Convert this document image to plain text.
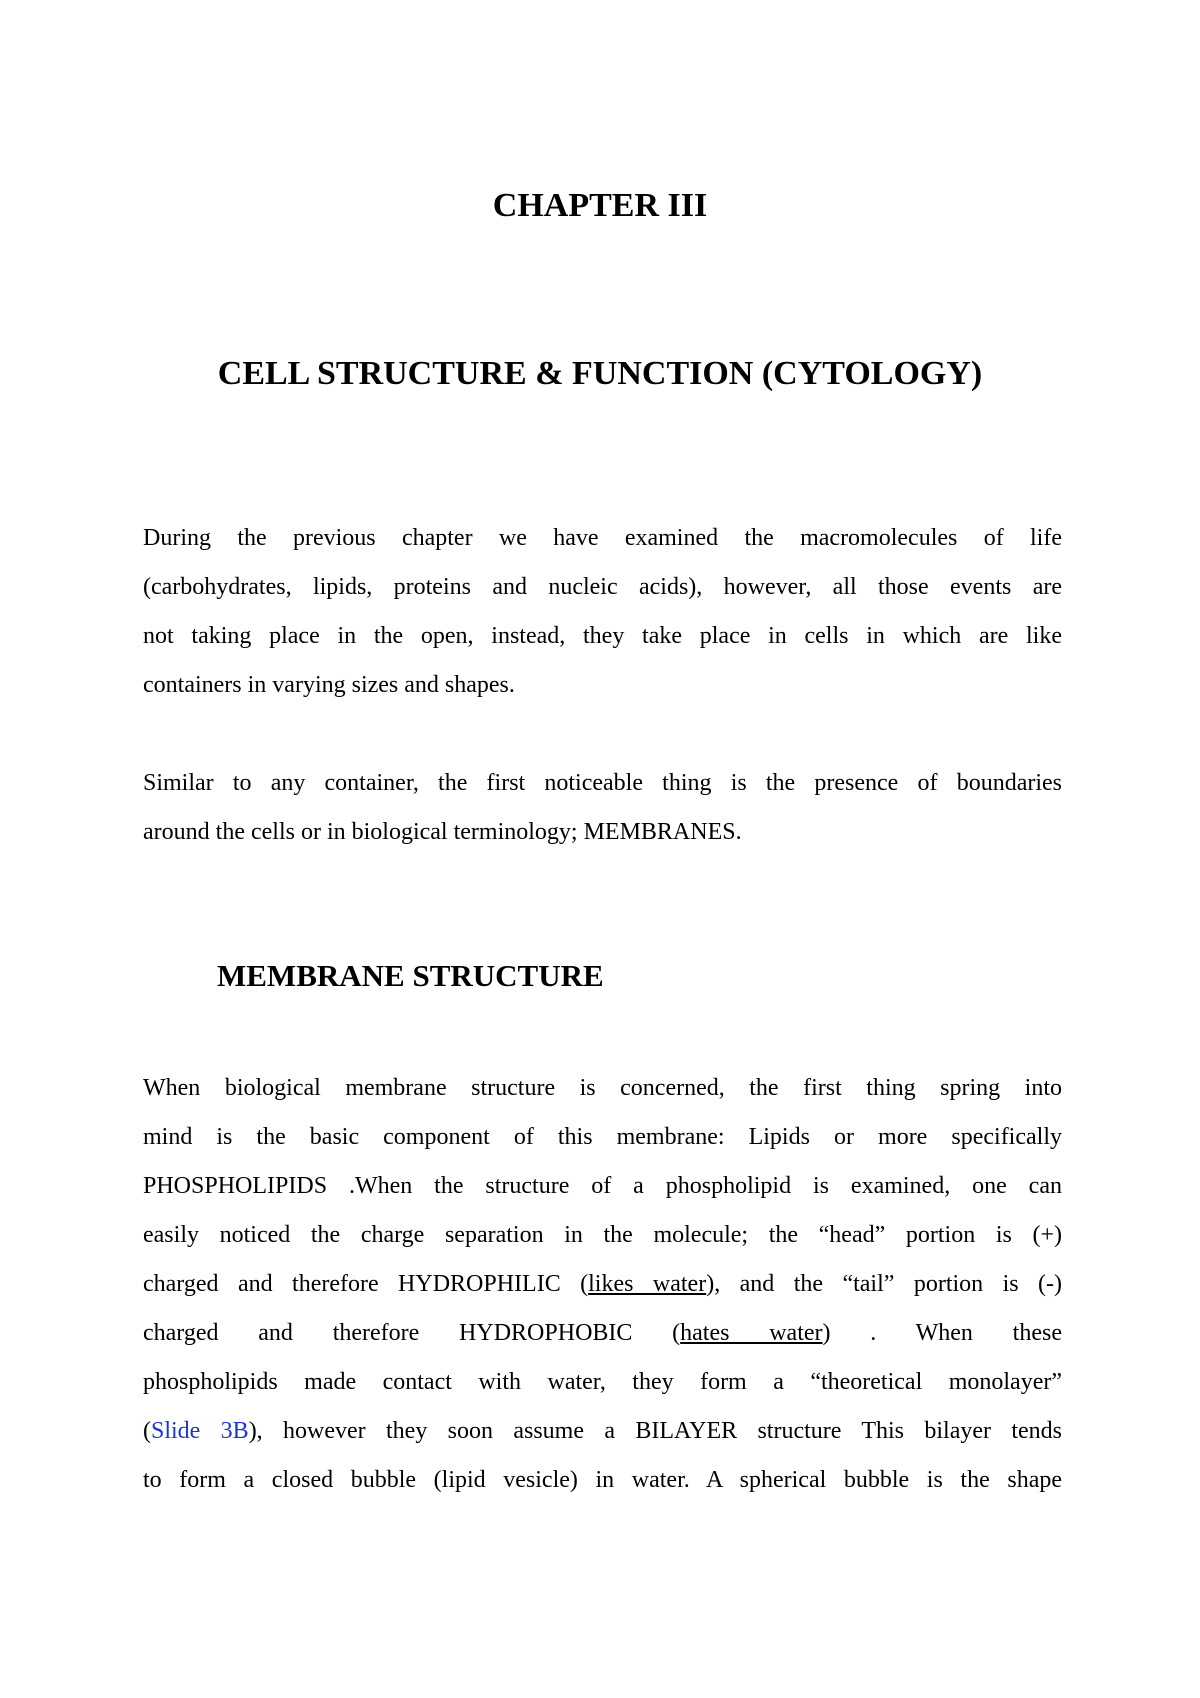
CHAPTER III
CELL STRUCTURE & FUNCTION (CYTOLOGY)
During the previous chapter we have examined the macromolecules of life
(carbohydrates, lipids, proteins and nucleic acids), however, all those events are
not taking place in the open, instead, they take place in cells in which are like
containers in varying sizes and shapes.
Similar to any container, the first noticeable thing is the presence of boundaries
around the cells or in biological terminology; MEMBRANES.
MEMBRANE STRUCTURE
When biological membrane structure is concerned, the first thing spring into
mind is the basic component of this membrane: Lipids or more specifically
PHOSPHOLIPIDS .When the structure of a phospholipid is examined, one can
easily noticed the charge separation in the molecule; the “head” portion is (+)
charged and therefore HYDROPHILIC (likes water), and the “tail” portion is (-)
charged and therefore HYDROPHOBIC (hates water) . When these
phospholipids made contact with water, they form a “theoretical monolayer”
(Slide 3B), however they soon assume a BILAYER structure This bilayer tends
to form a closed bubble (lipid vesicle) in water. A spherical bubble is the shape
